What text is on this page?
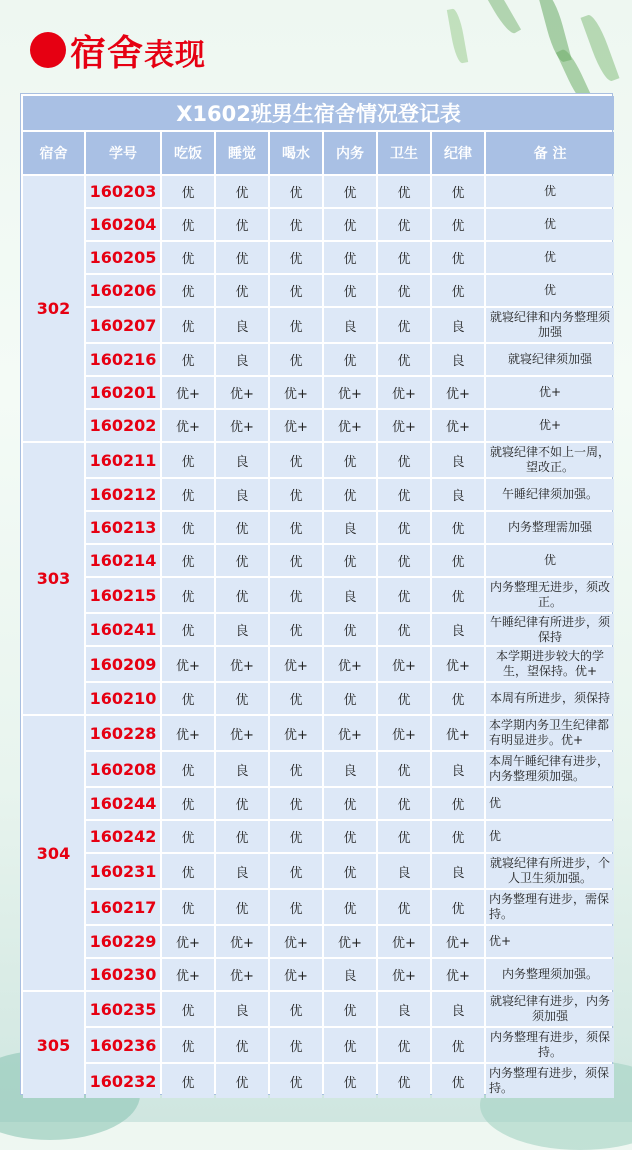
宿舍表现
X1602班男生宿舍情况登记表								
宿舍	学号	吃饭	睡觉	喝水	内务	卫生	纪律	备 注
302	160203	优	优	优	优	优	优	优
	160204	优	优	优	优	优	优	优
	160205	优	优	优	优	优	优	优
	160206	优	优	优	优	优	优	优
	160207	优	良	优	良	优	良	就寝纪律和内务整理须加强
	160216	优	良	优	优	优	良	就寝纪律须加强
	160201	优+	优+	优+	优+	优+	优+	优+
	160202	优+	优+	优+	优+	优+	优+	优+
303	160211	优	良	优	优	优	良	就寝纪律不如上一周，望改正。
	160212	优	良	优	优	优	良	午睡纪律须加强。
	160213	优	优	优	良	优	优	内务整理需加强
	160214	优	优	优	优	优	优	优
	160215	优	优	优	良	优	优	内务整理无进步，须改正。
	160241	优	良	优	优	优	良	午睡纪律有所进步，须保持
	160209	优+	优+	优+	优+	优+	优+	本学期进步较大的学生，望保持。优+
	160210	优	优	优	优	优	优	本周有所进步，须保持
304	160228	优+	优+	优+	优+	优+	优+	本学期内务卫生纪律都有明显进步。优+
	160208	优	良	优	良	优	良	本周午睡纪律有进步，内务整理须加强。
	160244	优	优	优	优	优	优	优
	160242	优	优	优	优	优	优	优
	160231	优	良	优	优	良	良	就寝纪律有所进步，个人卫生须加强。
	160217	优	优	优	优	优	优	内务整理有进步，需保持。
	160229	优+	优+	优+	优+	优+	优+	优+
	160230	优+	优+	优+	良	优+	优+	内务整理须加强。
305	160235	优	良	优	优	良	良	就寝纪律有进步，内务须加强
	160236	优	优	优	优	优	优	内务整理有进步，须保持。
	160232	优	优	优	优	优	优	内务整理有进步，须保持。
